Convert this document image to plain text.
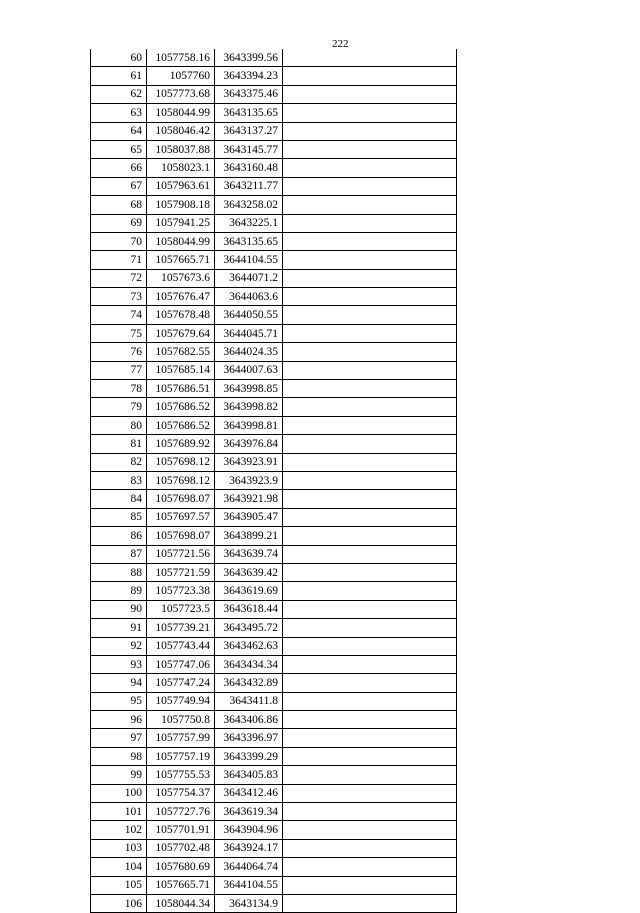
222
60	1057758.16	3643399.56	
61	1057760	3643394.23	
62	1057773.68	3643375.46	
63	1058044.99	3643135.65	
64	1058046.42	3643137.27	
65	1058037.88	3643145.77	
66	1058023.1	3643160.48	
67	1057963.61	3643211.77	
68	1057908.18	3643258.02	
69	1057941.25	3643225.1	
70	1058044.99	3643135.65	
71	1057665.71	3644104.55	
72	1057673.6	3644071.2	
73	1057676.47	3644063.6	
74	1057678.48	3644050.55	
75	1057679.64	3644045.71	
76	1057682.55	3644024.35	
77	1057685.14	3644007.63	
78	1057686.51	3643998.85	
79	1057686.52	3643998.82	
80	1057686.52	3643998.81	
81	1057689.92	3643976.84	
82	1057698.12	3643923.91	
83	1057698.12	3643923.9	
84	1057698.07	3643921.98	
85	1057697.57	3643905.47	
86	1057698.07	3643899.21	
87	1057721.56	3643639.74	
88	1057721.59	3643639.42	
89	1057723.38	3643619.69	
90	1057723.5	3643618.44	
91	1057739.21	3643495.72	
92	1057743.44	3643462.63	
93	1057747.06	3643434.34	
94	1057747.24	3643432.89	
95	1057749.94	3643411.8	
96	1057750.8	3643406.86	
97	1057757.99	3643396.97	
98	1057757.19	3643399.29	
99	1057755.53	3643405.83	
100	1057754.37	3643412.46	
101	1057727.76	3643619.34	
102	1057701.91	3643904.96	
103	1057702.48	3643924.17	
104	1057680.69	3644064.74	
105	1057665.71	3644104.55	
106	1058044.34	3643134.9	
